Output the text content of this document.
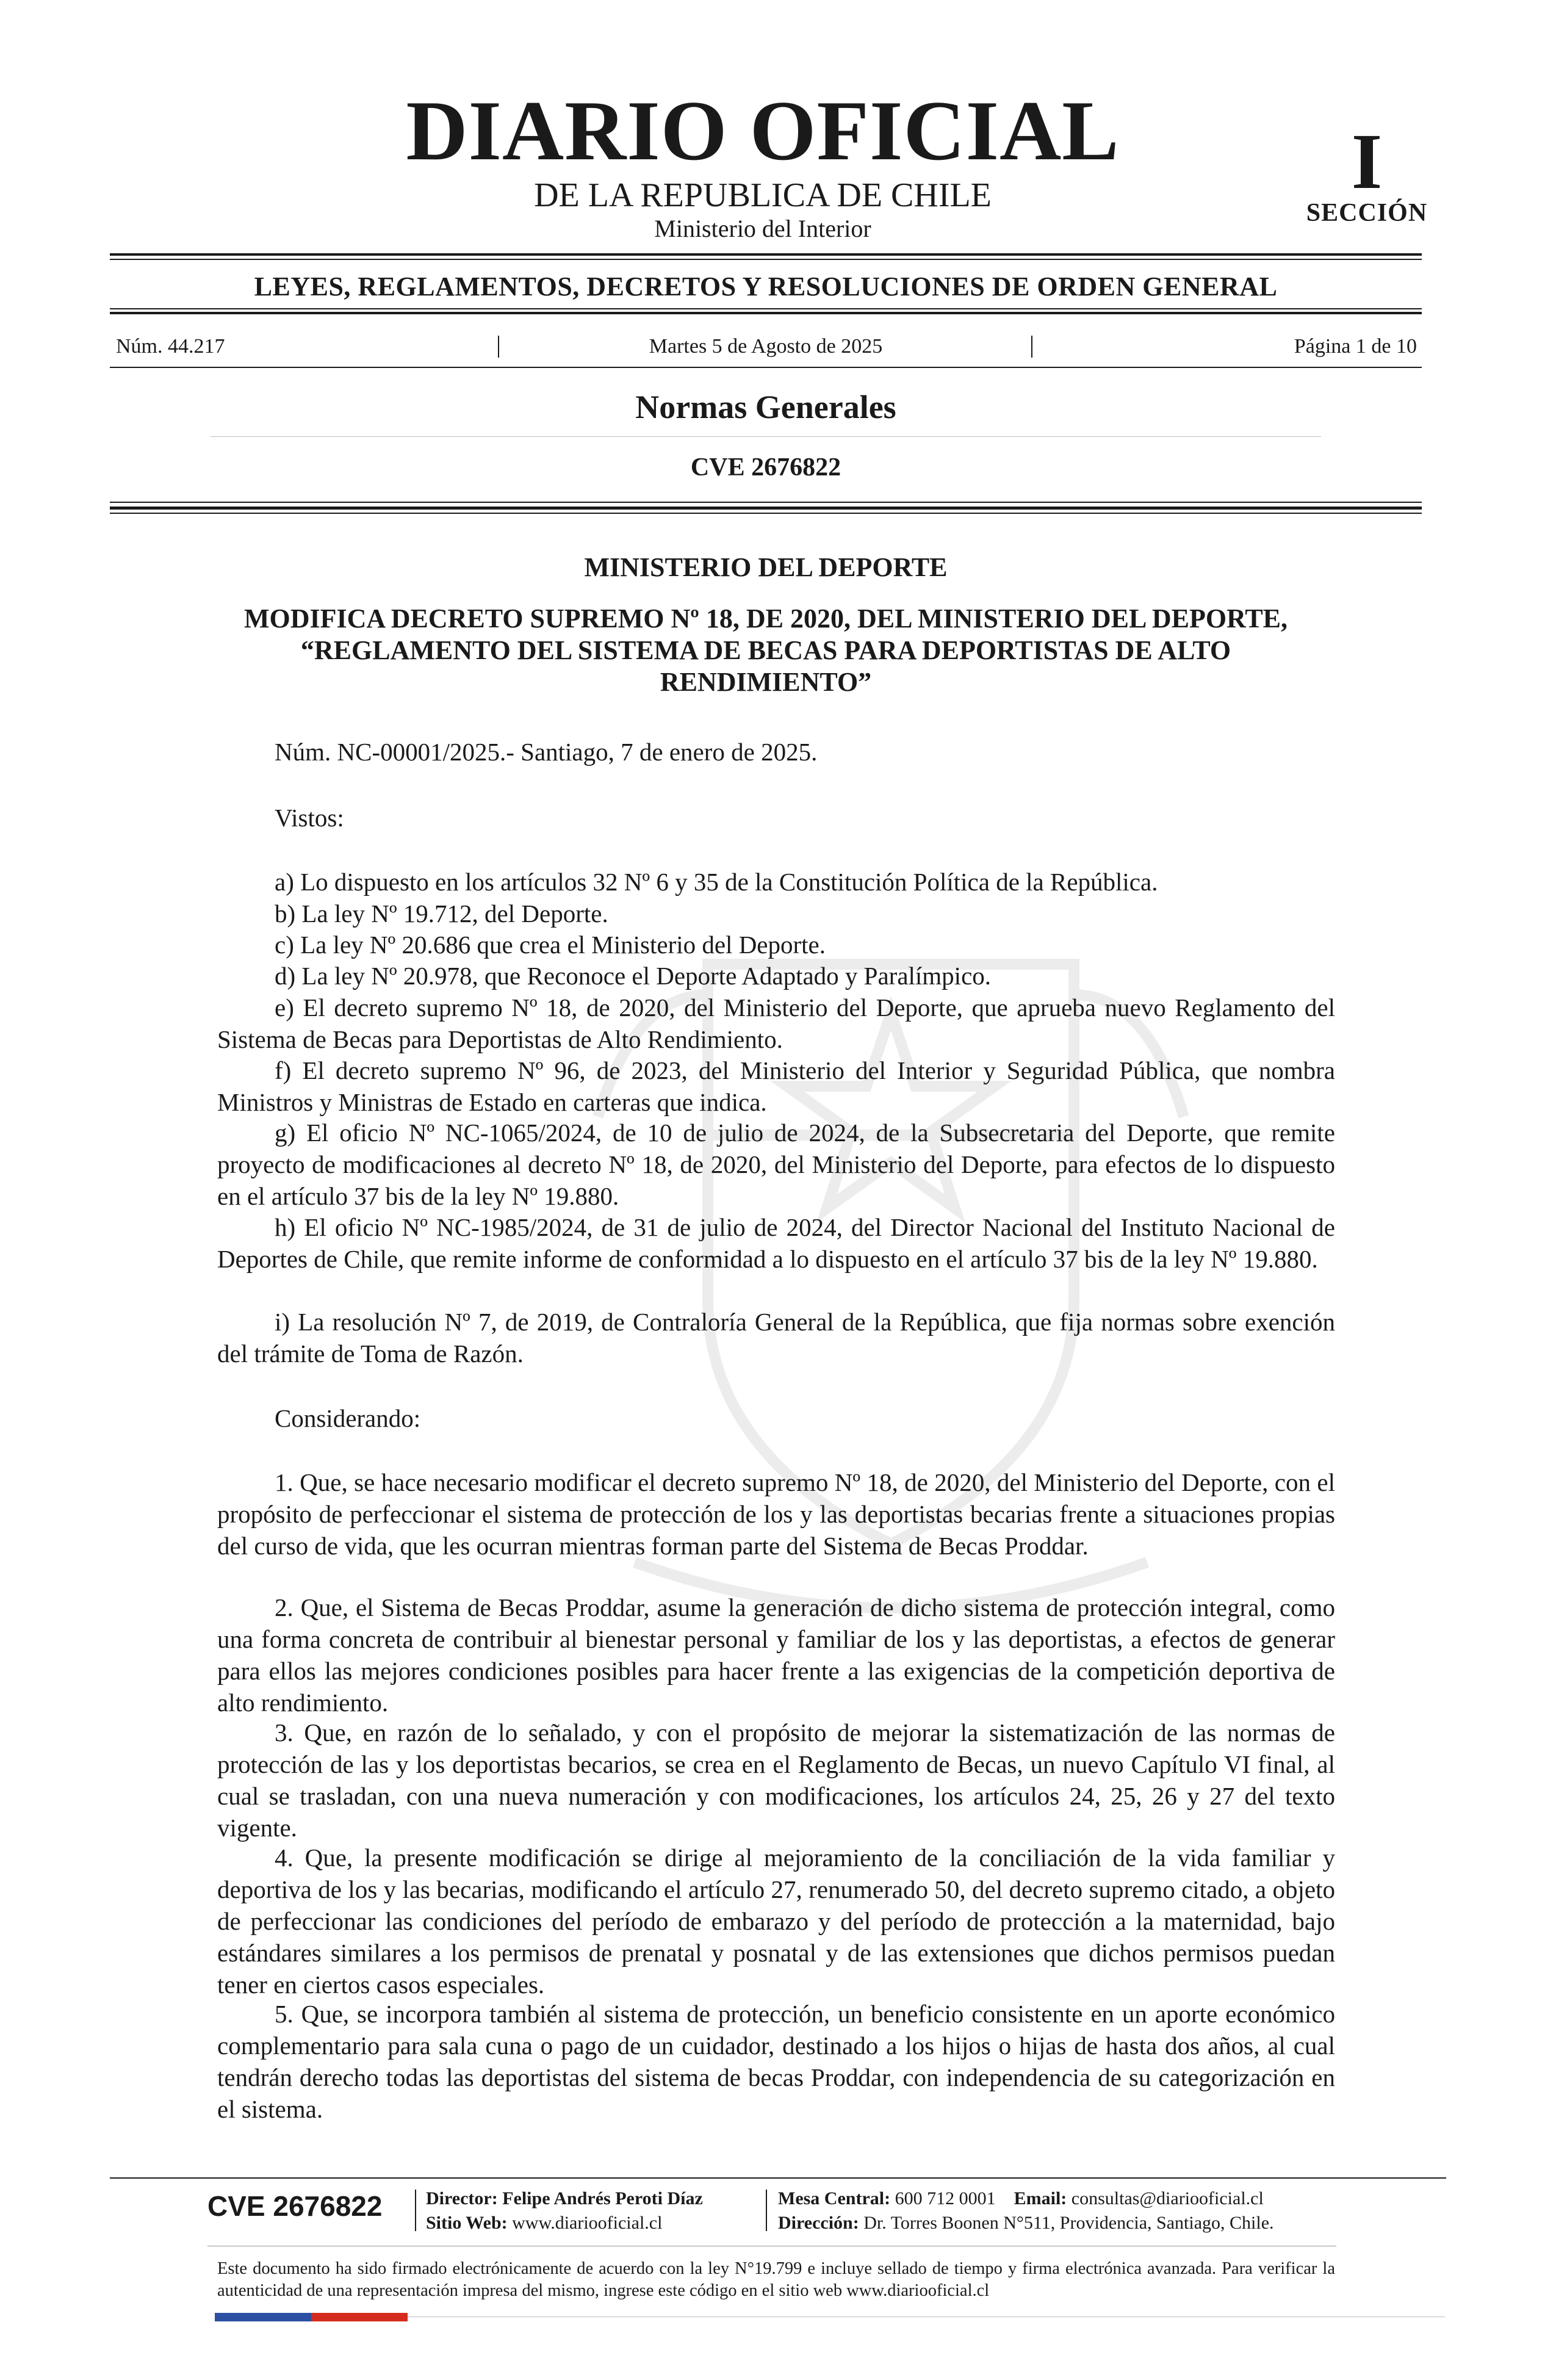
DIARIO OFICIAL
DE LA REPUBLICA DE CHILE
Ministerio del Interior
I
SECCIÓN
LEYES, REGLAMENTOS, DECRETOS Y RESOLUCIONES DE ORDEN GENERAL
Núm. 44.217	Martes 5 de Agosto de 2025	Página 1 de 10
Normas Generales
CVE 2676822
MINISTERIO DEL DEPORTE
MODIFICA DECRETO SUPREMO Nº 18, DE 2020, DEL MINISTERIO DEL DEPORTE, “REGLAMENTO DEL SISTEMA DE BECAS PARA DEPORTISTAS DE ALTO RENDIMIENTO”
Núm. NC-00001/2025.- Santiago, 7 de enero de 2025.
Vistos:
a) Lo dispuesto en los artículos 32 Nº 6 y 35 de la Constitución Política de la República.
b) La ley Nº 19.712, del Deporte.
c) La ley Nº 20.686 que crea el Ministerio del Deporte.
d) La ley Nº 20.978, que Reconoce el Deporte Adaptado y Paralímpico.
e) El decreto supremo Nº 18, de 2020, del Ministerio del Deporte, que aprueba nuevo Reglamento del Sistema de Becas para Deportistas de Alto Rendimiento.
f) El decreto supremo Nº 96, de 2023, del Ministerio del Interior y Seguridad Pública, que nombra Ministros y Ministras de Estado en carteras que indica.
g) El oficio Nº NC-1065/2024, de 10 de julio de 2024, de la Subsecretaria del Deporte, que remite proyecto de modificaciones al decreto Nº 18, de 2020, del Ministerio del Deporte, para efectos de lo dispuesto en el artículo 37 bis de la ley Nº 19.880.
h) El oficio Nº NC-1985/2024, de 31 de julio de 2024, del Director Nacional del Instituto Nacional de Deportes de Chile, que remite informe de conformidad a lo dispuesto en el artículo 37 bis de la ley Nº 19.880.
i) La resolución Nº 7, de 2019, de Contraloría General de la República, que fija normas sobre exención del trámite de Toma de Razón.
Considerando:
1. Que, se hace necesario modificar el decreto supremo Nº 18, de 2020, del Ministerio del Deporte, con el propósito de perfeccionar el sistema de protección de los y las deportistas becarias frente a situaciones propias del curso de vida, que les ocurran mientras forman parte del Sistema de Becas Proddar.
2. Que, el Sistema de Becas Proddar, asume la generación de dicho sistema de protección integral, como una forma concreta de contribuir al bienestar personal y familiar de los y las deportistas, a efectos de generar para ellos las mejores condiciones posibles para hacer frente a las exigencias de la competición deportiva de alto rendimiento.
3. Que, en razón de lo señalado, y con el propósito de mejorar la sistematización de las normas de protección de las y los deportistas becarios, se crea en el Reglamento de Becas, un nuevo Capítulo VI final, al cual se trasladan, con una nueva numeración y con modificaciones, los artículos 24, 25, 26 y 27 del texto vigente.
4. Que, la presente modificación se dirige al mejoramiento de la conciliación de la vida familiar y deportiva de los y las becarias, modificando el artículo 27, renumerado 50, del decreto supremo citado, a objeto de perfeccionar las condiciones del período de embarazo y del período de protección a la maternidad, bajo estándares similares a los permisos de prenatal y posnatal y de las extensiones que dichos permisos puedan tener en ciertos casos especiales.
5. Que, se incorpora también al sistema de protección, un beneficio consistente en un aporte económico complementario para sala cuna o pago de un cuidador, destinado a los hijos o hijas de hasta dos años, al cual tendrán derecho todas las deportistas del sistema de becas Proddar, con independencia de su categorización en el sistema.
CVE 2676822	Director: Felipe Andrés Peroti Díaz
Sitio Web: www.diariooficial.cl
Mesa Central: 600 712 0001 Email: consultas@diariooficial.cl
Dirección: Dr. Torres Boonen N°511, Providencia, Santiago, Chile.
Este documento ha sido firmado electrónicamente de acuerdo con la ley N°19.799 e incluye sellado de tiempo y firma electrónica avanzada. Para verificar la autenticidad de una representación impresa del mismo, ingrese este código en el sitio web www.diariooficial.cl
